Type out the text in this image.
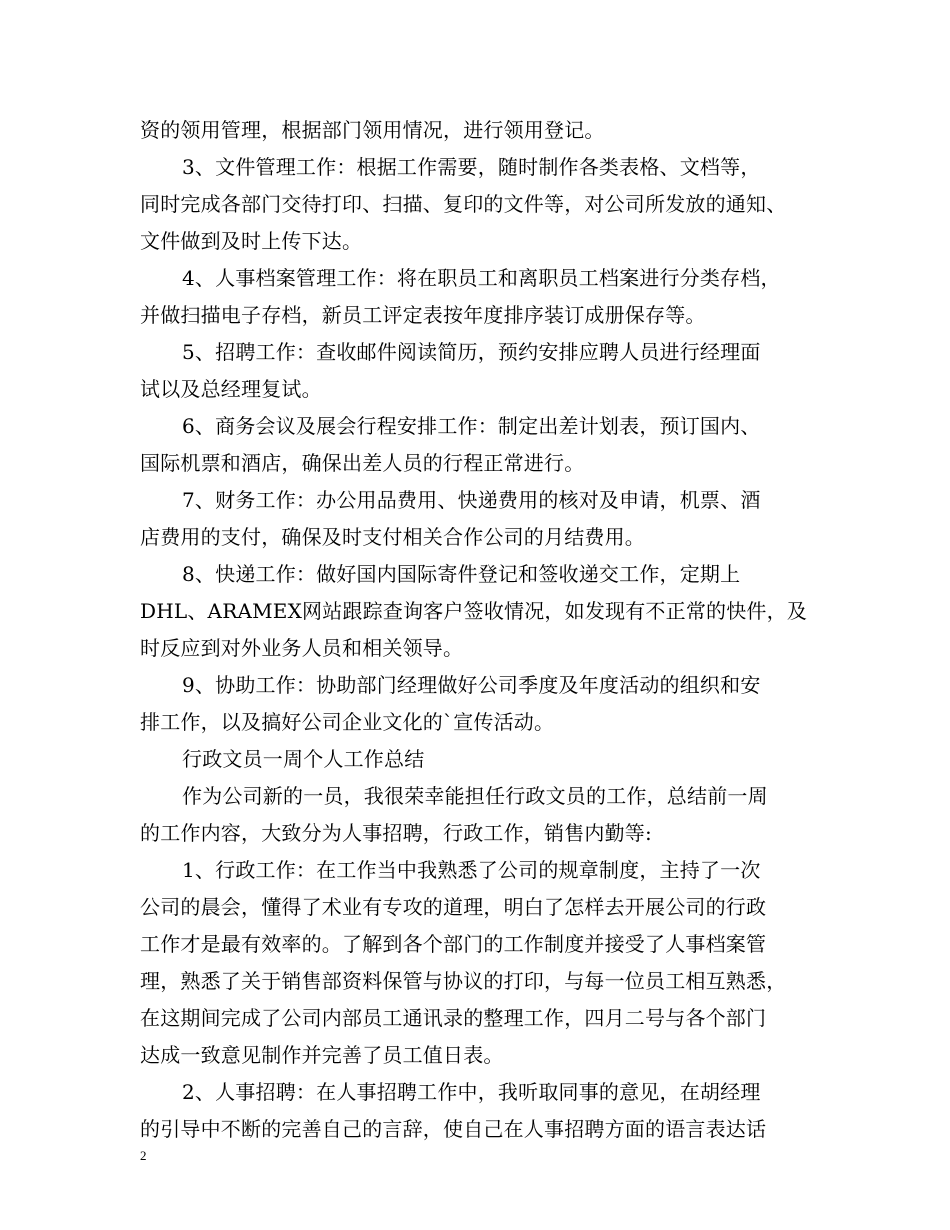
资的领用管理，根据部门领用情况，进行领用登记。
3、文件管理工作：根据工作需要，随时制作各类表格、文档等，
同时完成各部门交待打印、扫描、复印的文件等，对公司所发放的通知、
文件做到及时上传下达。
4、人事档案管理工作：将在职员工和离职员工档案进行分类存档，
并做扫描电子存档，新员工评定表按年度排序装订成册保存等。
5、招聘工作：查收邮件阅读简历，预约安排应聘人员进行经理面
试以及总经理复试。
6、商务会议及展会行程安排工作：制定出差计划表，预订国内、
国际机票和酒店，确保出差人员的行程正常进行。
7、财务工作：办公用品费用、快递费用的核对及申请，机票、酒
店费用的支付，确保及时支付相关合作公司的月结费用。
8、快递工作：做好国内国际寄件登记和签收递交工作，定期上
DHL、ARAMEX网站跟踪查询客户签收情况，如发现有不正常的快件，及
时反应到对外业务人员和相关领导。
9、协助工作：协助部门经理做好公司季度及年度活动的组织和安
排工作，以及搞好公司企业文化的`宣传活动。
行政文员一周个人工作总结
作为公司新的一员，我很荣幸能担任行政文员的工作，总结前一周
的工作内容，大致分为人事招聘，行政工作，销售内勤等:
1、行政工作：在工作当中我熟悉了公司的规章制度，主持了一次
公司的晨会，懂得了术业有专攻的道理，明白了怎样去开展公司的行政
工作才是最有效率的。了解到各个部门的工作制度并接受了人事档案管
理，熟悉了关于销售部资料保管与协议的打印，与每一位员工相互熟悉，
在这期间完成了公司内部员工通讯录的整理工作，四月二号与各个部门
达成一致意见制作并完善了员工值日表。
2、人事招聘：在人事招聘工作中，我听取同事的意见，在胡经理
的引导中不断的完善自己的言辞，使自己在人事招聘方面的语言表达话
2
